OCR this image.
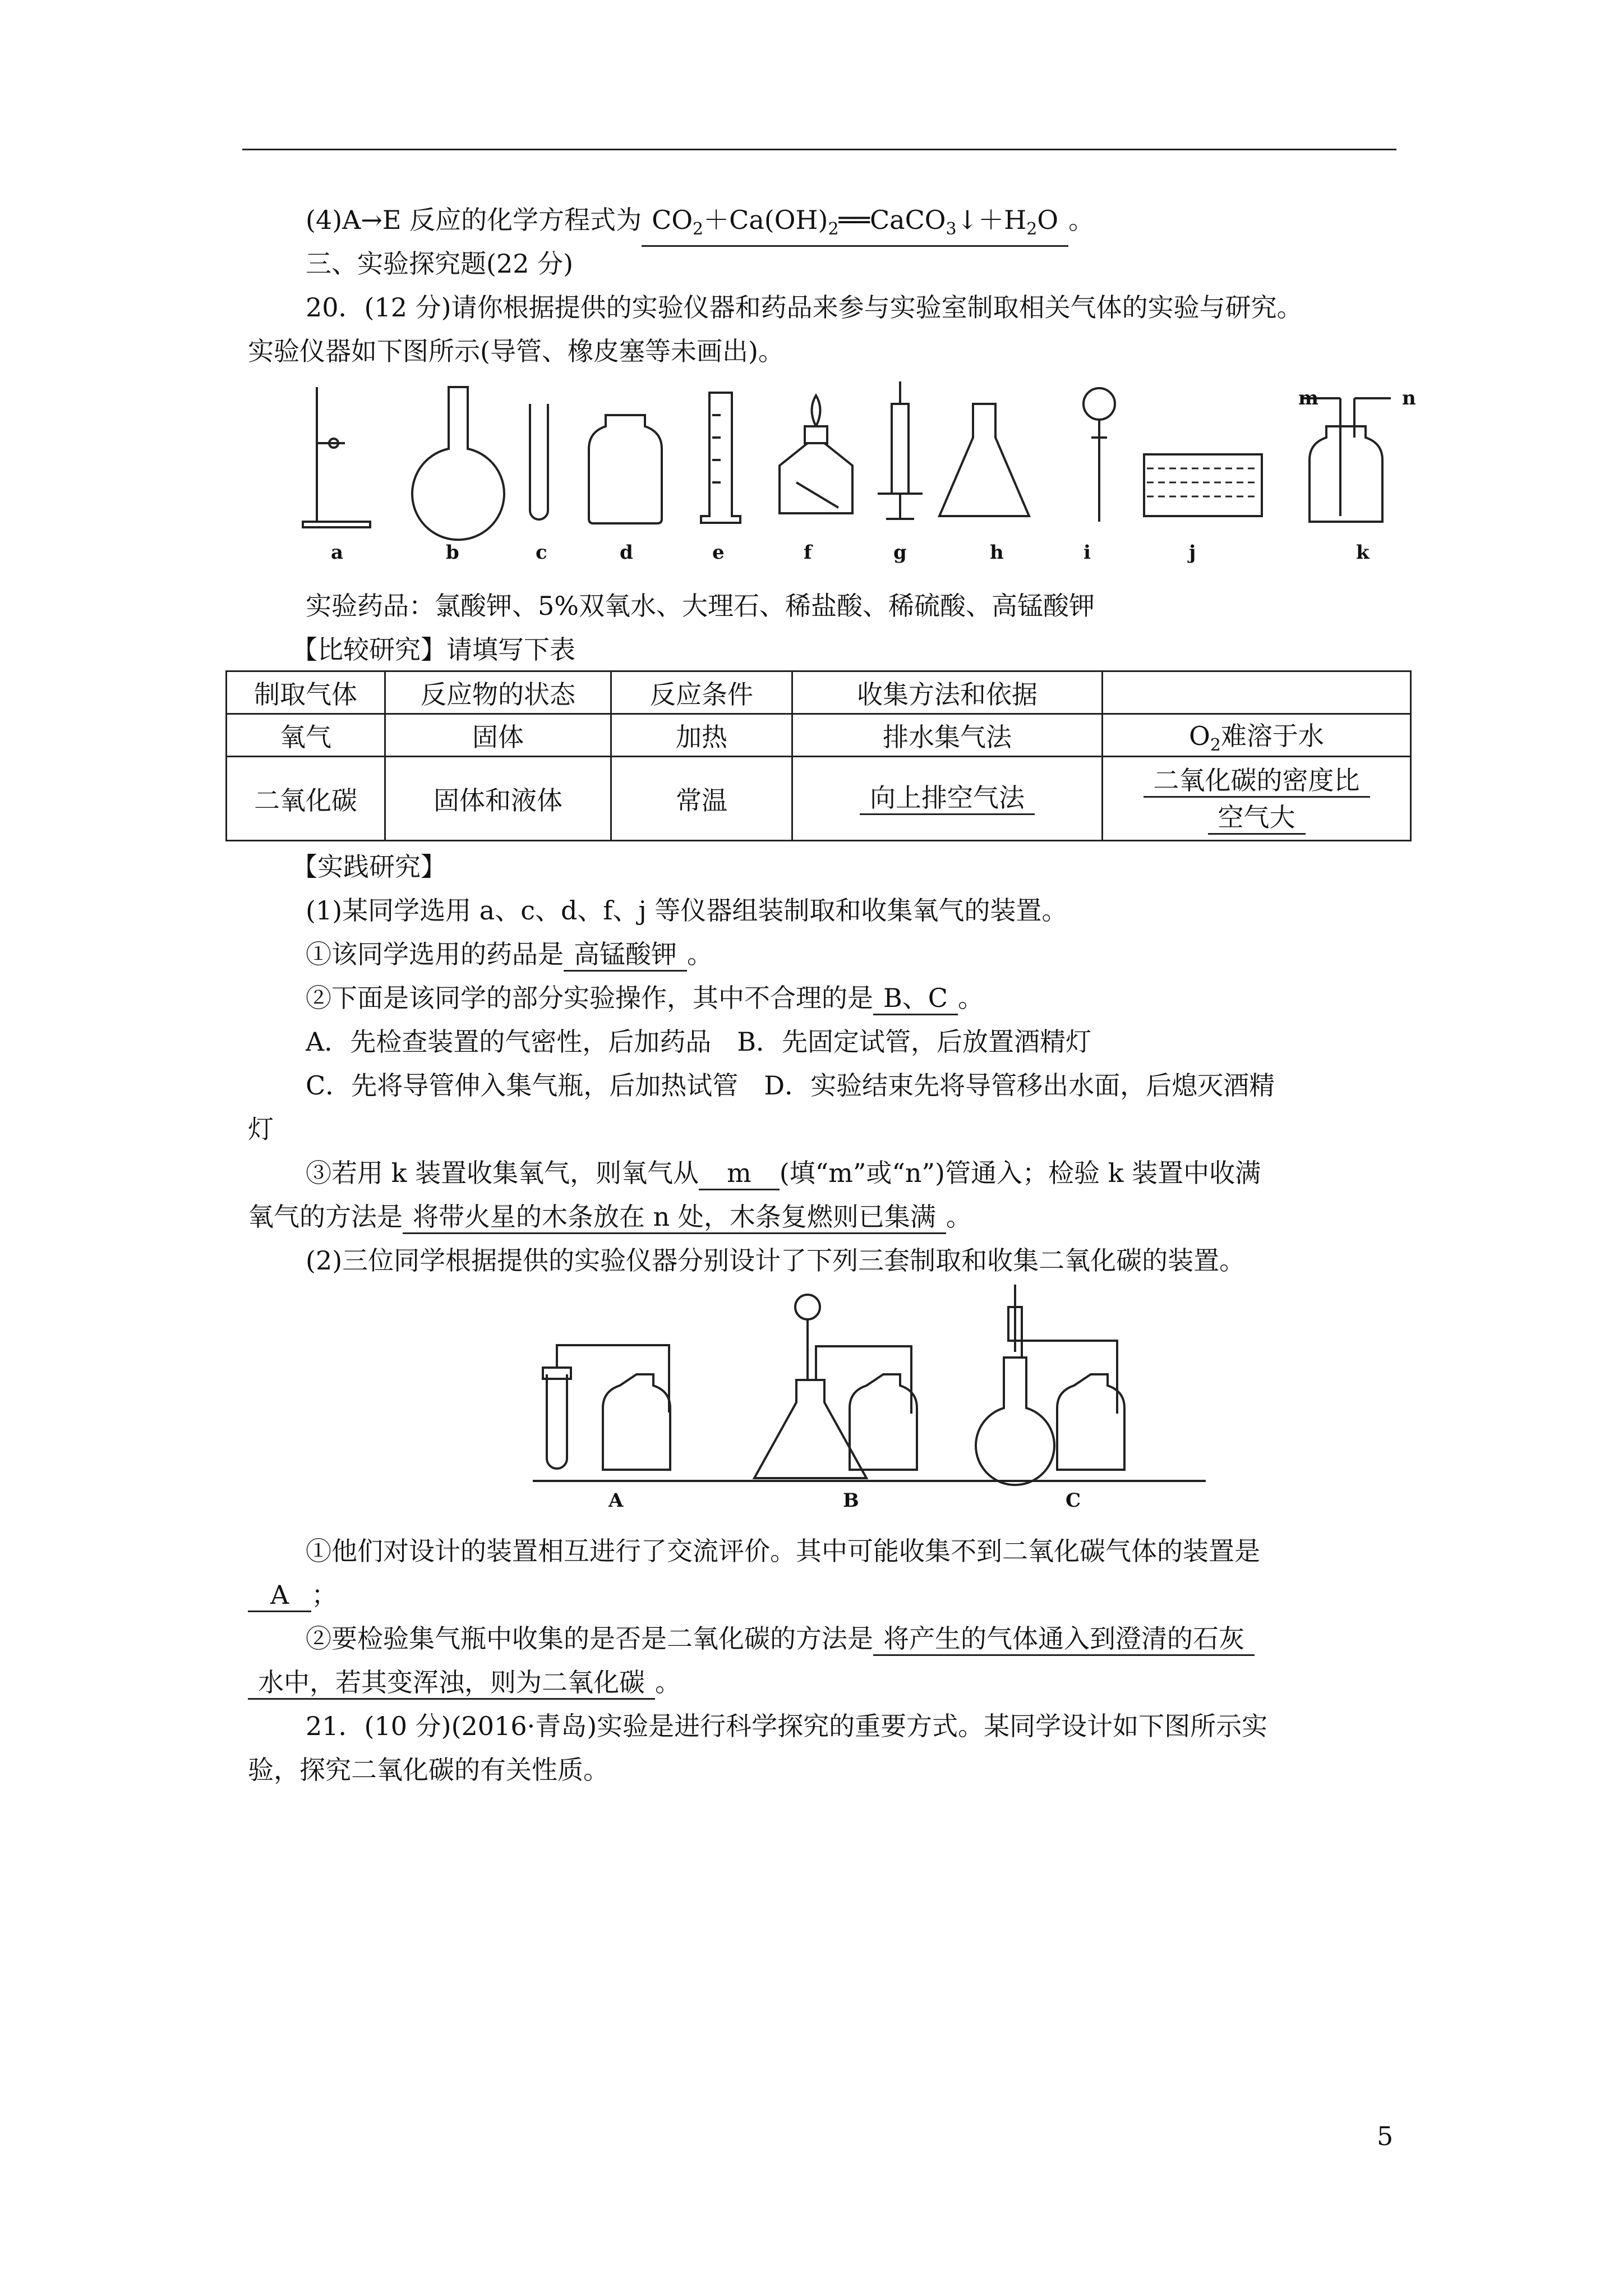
(4)A→E 反应的化学方程式为 $CO_2+Ca(OH)_2══CaCO_3↓+H_2O$ 。
三、实验探究题(22 分)
20．(12 分)请你根据提供的实验仪器和药品来参与实验室制取相关气体的实验与研究。
实验仪器如下图所示(导管、橡皮塞等未画出)。
m	n
a	b	c	d	e	f	g	h	i	j	k
实验药品：氯酸钾、5%双氧水、大理石、稀盐酸、稀硫酸、高锰酸钾
【比较研究】请填写下表
制取气体	反应物的状态	反应条件	收集方法和依据	
氧气	固体	加热	排水集气法	$O_2$难溶于水
二氧化碳	固体和液体	常温	向上排空气法	二氧化碳的密度比
空气大
【实践研究】
(1)某同学选用 a、c、d、f、j 等仪器组装制取和收集氧气的装置。
①该同学选用的药品是 高锰酸钾 。
②下面是该同学的部分实验操作，其中不合理的是 B、C 。
A．先检查装置的气密性，后加药品　B．先固定试管，后放置酒精灯
C．先将导管伸入集气瓶，后加热试管　D．实验结束先将导管移出水面，后熄灭酒精
灯
③若用 k 装置收集氧气，则氧气从 m (填“m”或“n”)管通入；检验 k 装置中收满
氧气的方法是 将带火星的木条放在 n 处，木条复燃则已集满 。
(2)三位同学根据提供的实验仪器分别设计了下列三套制取和收集二氧化碳的装置。
A	B	C
①他们对设计的装置相互进行了交流评价。其中可能收集不到二氧化碳气体的装置是
A ；
②要检验集气瓶中收集的是否是二氧化碳的方法是 将产生的气体通入到澄清的石灰
水中，若其变浑浊，则为二氧化碳 。
21．(10 分)(2016·青岛)实验是进行科学探究的重要方式。某同学设计如下图所示实
验，探究二氧化碳的有关性质。
5
